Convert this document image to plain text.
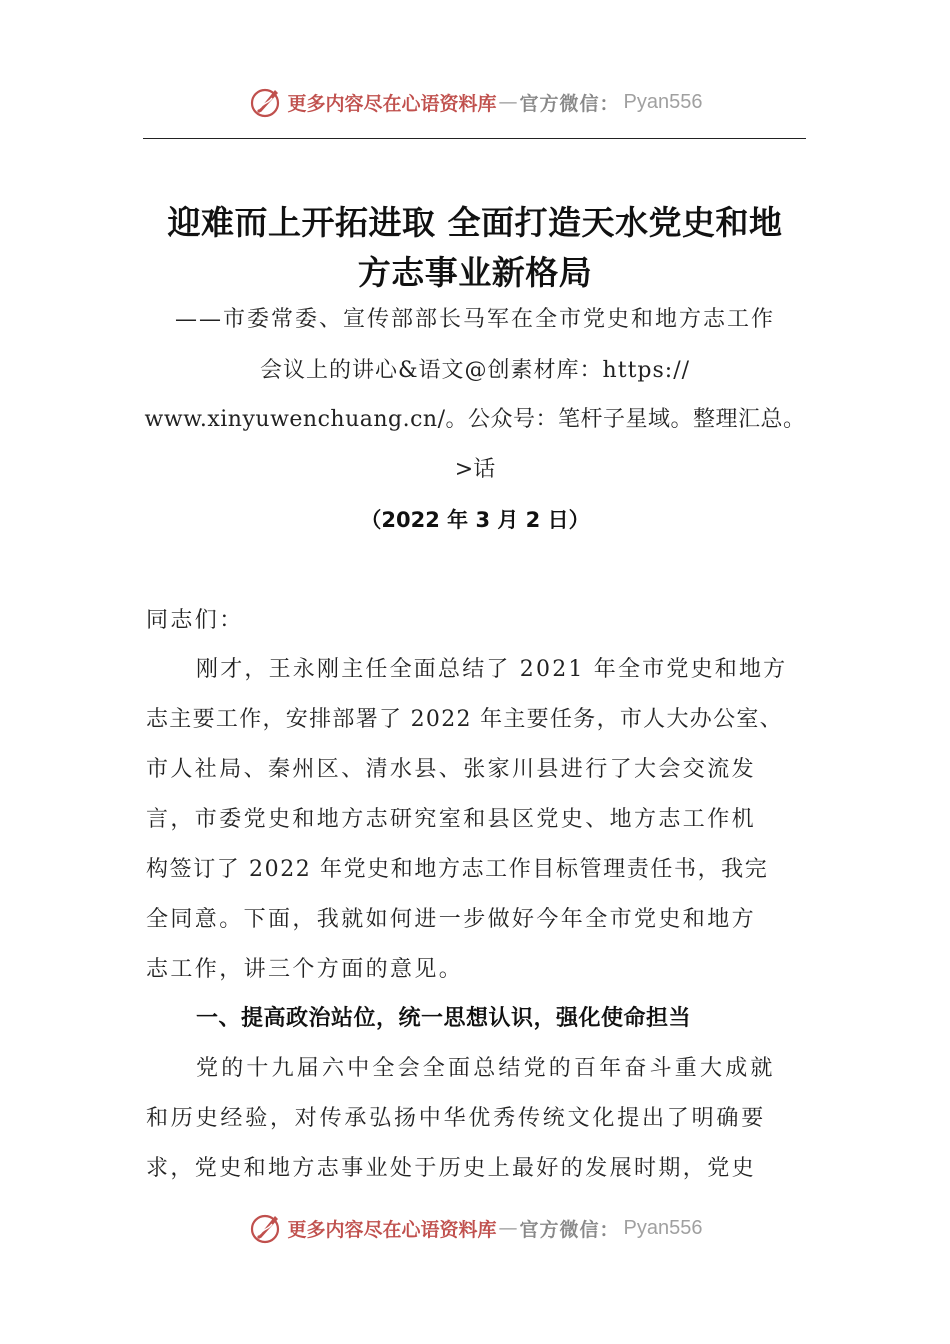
更多内容尽在心语资料库 — 官方微信： Pyan556
迎难而上开拓进取 全面打造天水党史和地
方志事业新格局
——市委常委、宣传部部长马军在全市党史和地方志工作
会议上的讲心&语文@创素材库：https://
www.xinyuwenchuang.cn/。公众号：笔杆子星域。整理汇总。
>话
（2022 年 3 月 2 日）
同志们：
刚才，王永刚主任全面总结了 2021 年全市党史和地方
志主要工作，安排部署了 2022 年主要任务，市人大办公室、
市人社局、秦州区、清水县、张家川县进行了大会交流发
言，市委党史和地方志研究室和县区党史、地方志工作机
构签订了 2022 年党史和地方志工作目标管理责任书，我完
全同意。下面，我就如何进一步做好今年全市党史和地方
志工作，讲三个方面的意见。
一、提高政治站位，统一思想认识，强化使命担当
党的十九届六中全会全面总结党的百年奋斗重大成就
和历史经验，对传承弘扬中华优秀传统文化提出了明确要
求，党史和地方志事业处于历史上最好的发展时期，党史
更多内容尽在心语资料库 — 官方微信： Pyan556
